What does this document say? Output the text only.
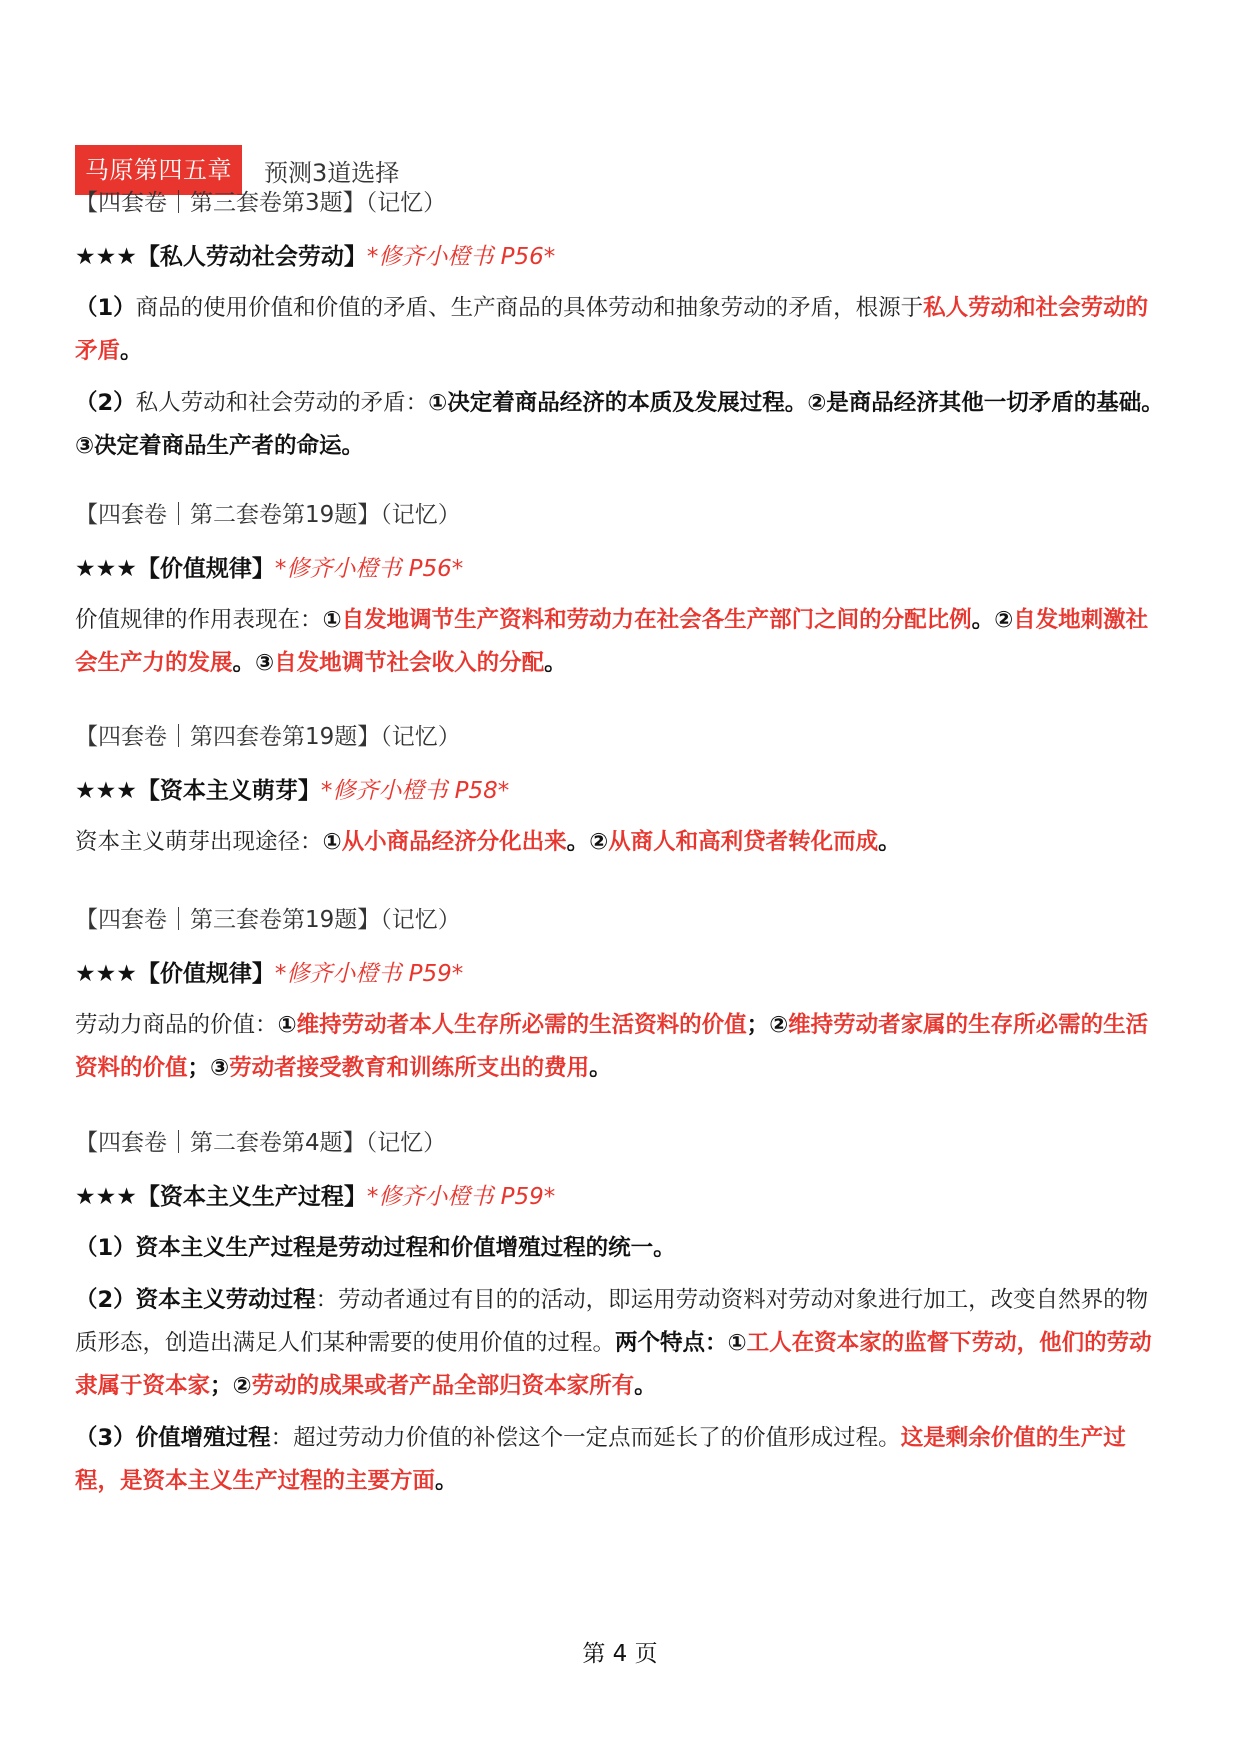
马原第四五章	预测3道选择
【四套卷｜第三套卷第3题】（记忆）
★★★【私人劳动社会劳动】*修齐小橙书 P56*
（1）商品的使用价值和价值的矛盾、生产商品的具体劳动和抽象劳动的矛盾，根源于私人劳动和社会劳动的矛盾。
（2）私人劳动和社会劳动的矛盾：①决定着商品经济的本质及发展过程。②是商品经济其他一切矛盾的基础。③决定着商品生产者的命运。
【四套卷｜第二套卷第19题】（记忆）
★★★【价值规律】*修齐小橙书 P56*
价值规律的作用表现在：①自发地调节生产资料和劳动力在社会各生产部门之间的分配比例。②自发地刺激社会生产力的发展。③自发地调节社会收入的分配。
【四套卷｜第四套卷第19题】（记忆）
★★★【资本主义萌芽】*修齐小橙书 P58*
资本主义萌芽出现途径：①从小商品经济分化出来。②从商人和高利贷者转化而成。
【四套卷｜第三套卷第19题】（记忆）
★★★【价值规律】*修齐小橙书 P59*
劳动力商品的价值：①维持劳动者本人生存所必需的生活资料的价值；②维持劳动者家属的生存所必需的生活资料的价值；③劳动者接受教育和训练所支出的费用。
【四套卷｜第二套卷第4题】（记忆）
★★★【资本主义生产过程】*修齐小橙书 P59*
（1）资本主义生产过程是劳动过程和价值增殖过程的统一。
（2）资本主义劳动过程：劳动者通过有目的的活动，即运用劳动资料对劳动对象进行加工，改变自然界的物质形态，创造出满足人们某种需要的使用价值的过程。两个特点：①工人在资本家的监督下劳动，他们的劳动隶属于资本家；②劳动的成果或者产品全部归资本家所有。
（3）价值增殖过程：超过劳动力价值的补偿这个一定点而延长了的价值形成过程。这是剩余价值的生产过程，是资本主义生产过程的主要方面。
第 4 页
